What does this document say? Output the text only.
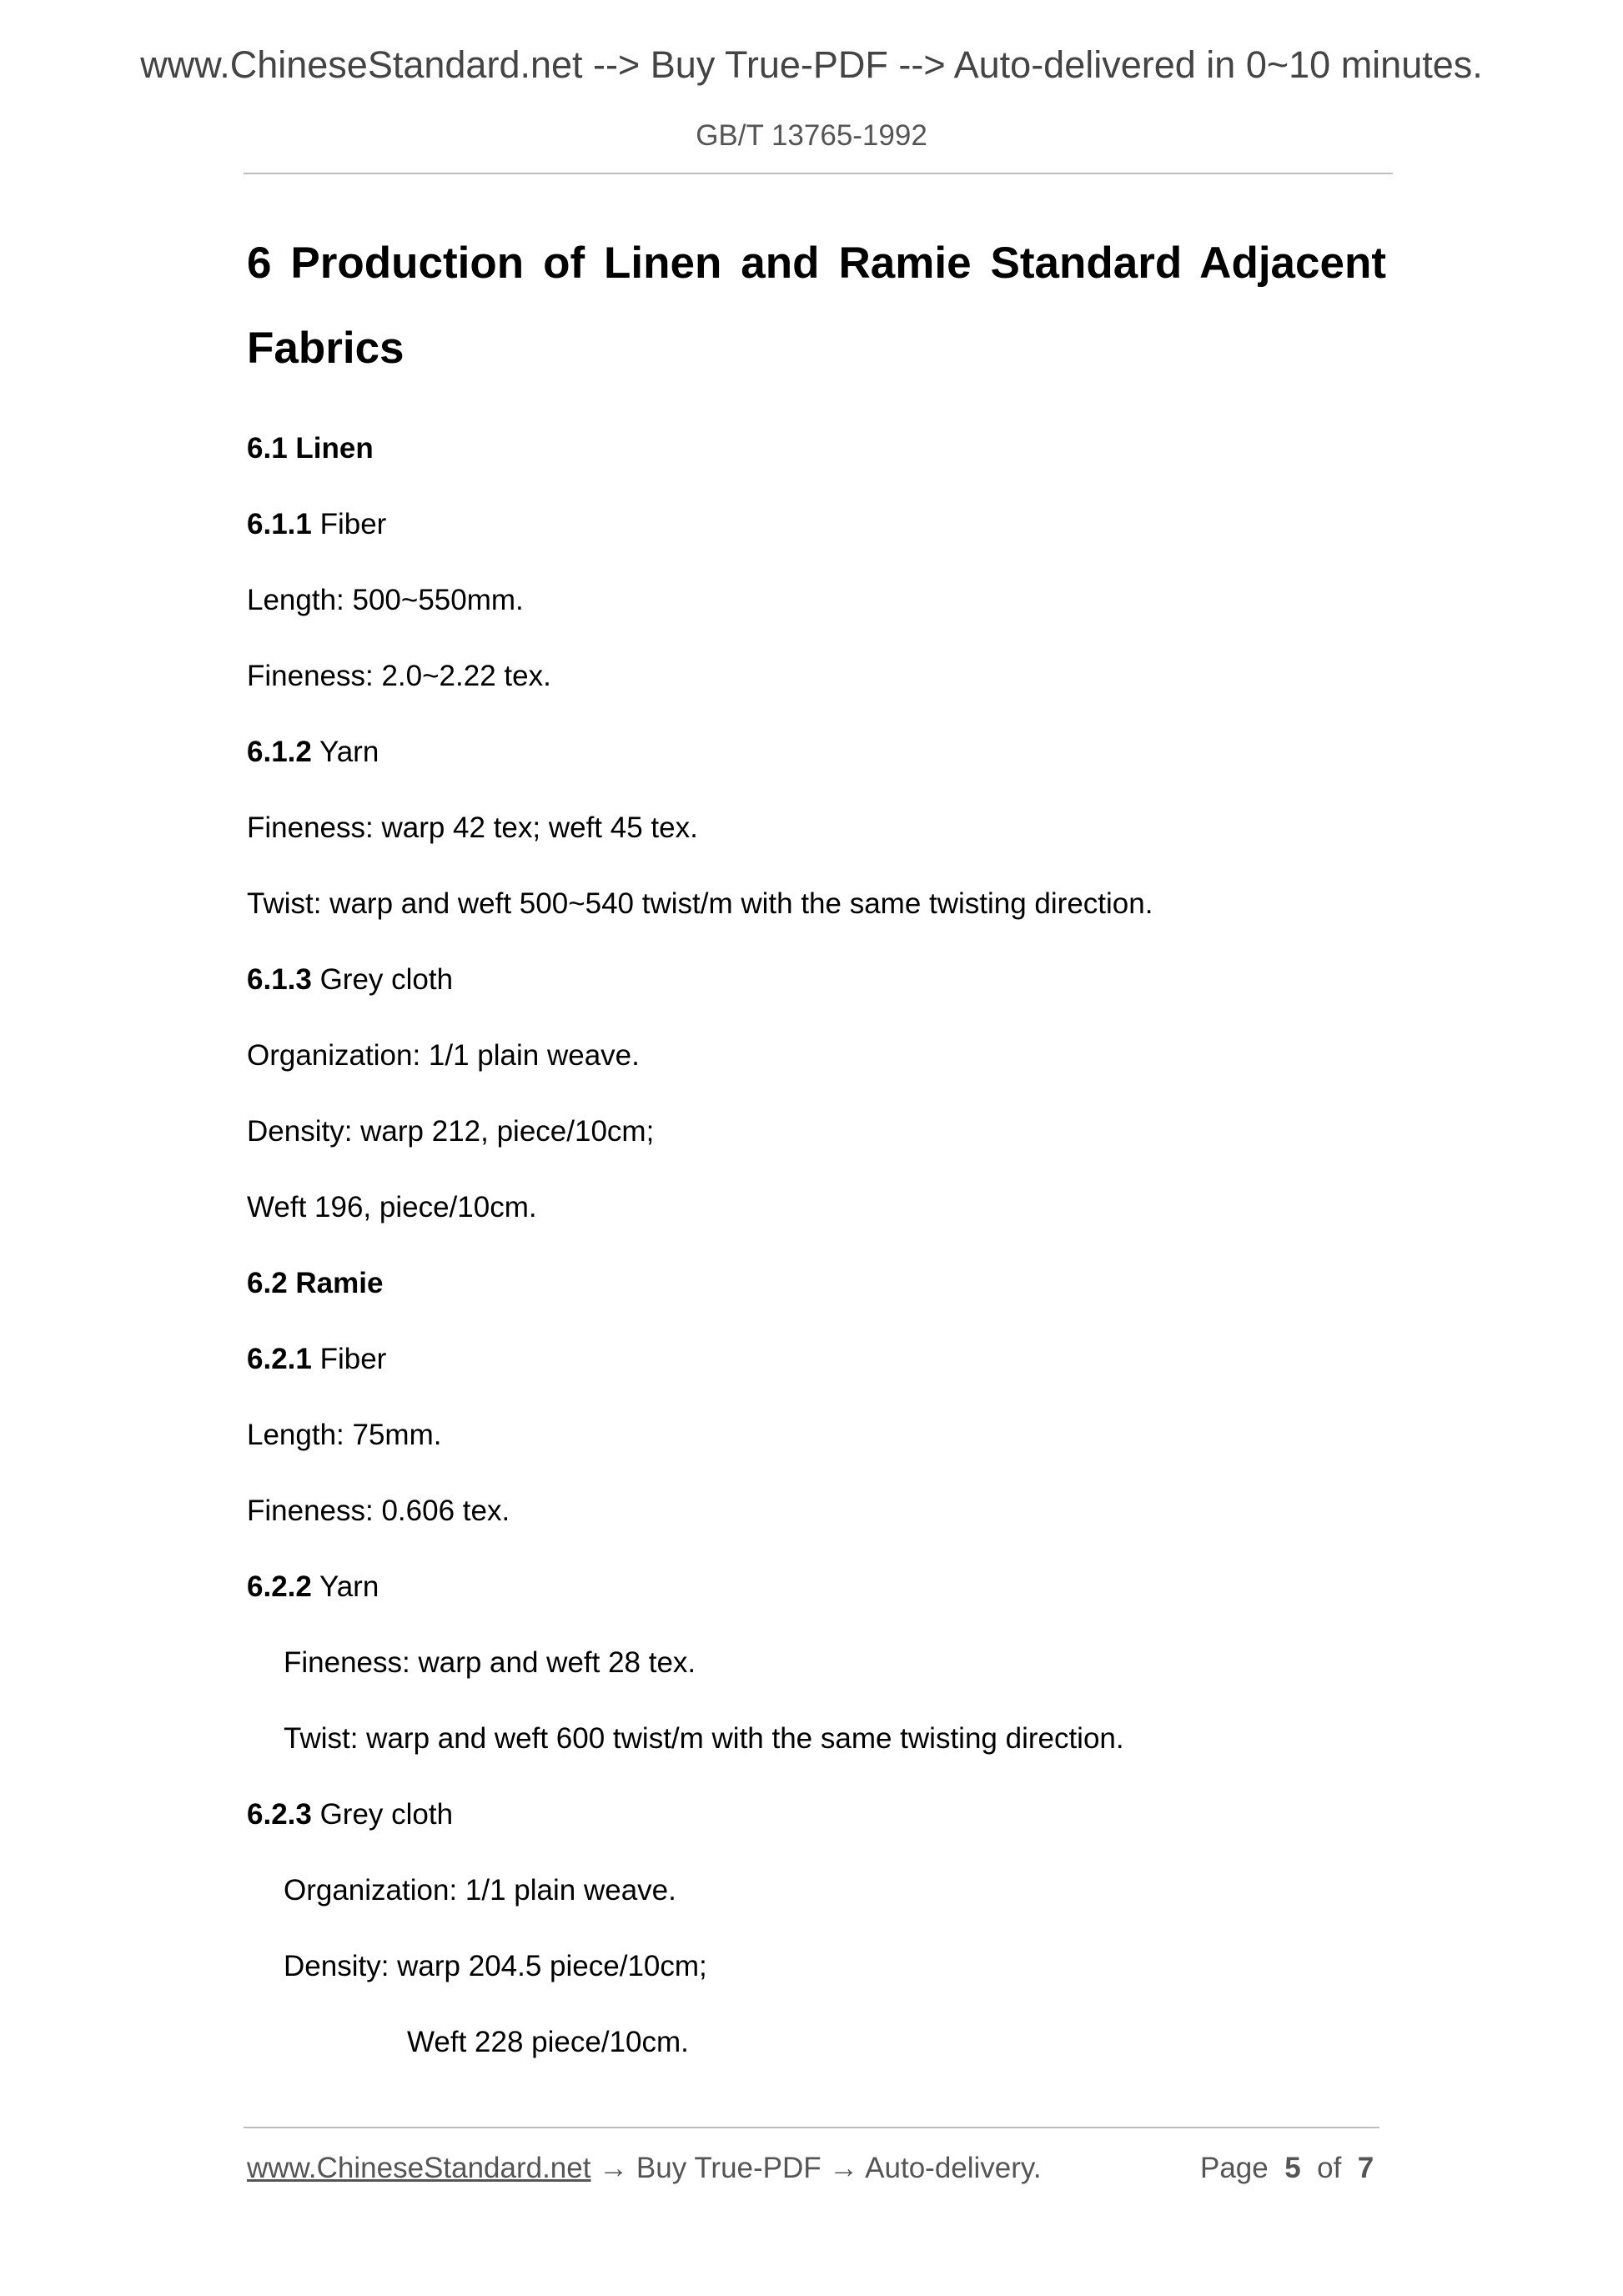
www.ChineseStandard.net --> Buy True-PDF --> Auto-delivered in 0~10 minutes.
GB/T 13765-1992
6 Production of Linen and Ramie Standard Adjacent
Fabrics
6.1 Linen
6.1.1 Fiber
Length: 500~550mm.
Fineness: 2.0~2.22 tex.
6.1.2 Yarn
Fineness: warp 42 tex; weft 45 tex.
Twist: warp and weft 500~540 twist/m with the same twisting direction.
6.1.3 Grey cloth
Organization: 1/1 plain weave.
Density: warp 212, piece/10cm;
Weft 196, piece/10cm.
6.2 Ramie
6.2.1 Fiber
Length: 75mm.
Fineness: 0.606 tex.
6.2.2 Yarn
Fineness: warp and weft 28 tex.
Twist: warp and weft 600 twist/m with the same twisting direction.
6.2.3 Grey cloth
Organization: 1/1 plain weave.
Density: warp 204.5 piece/10cm;
Weft 228 piece/10cm.
www.ChineseStandard.net → Buy True-PDF → Auto-delivery.	Page 5 of 7
